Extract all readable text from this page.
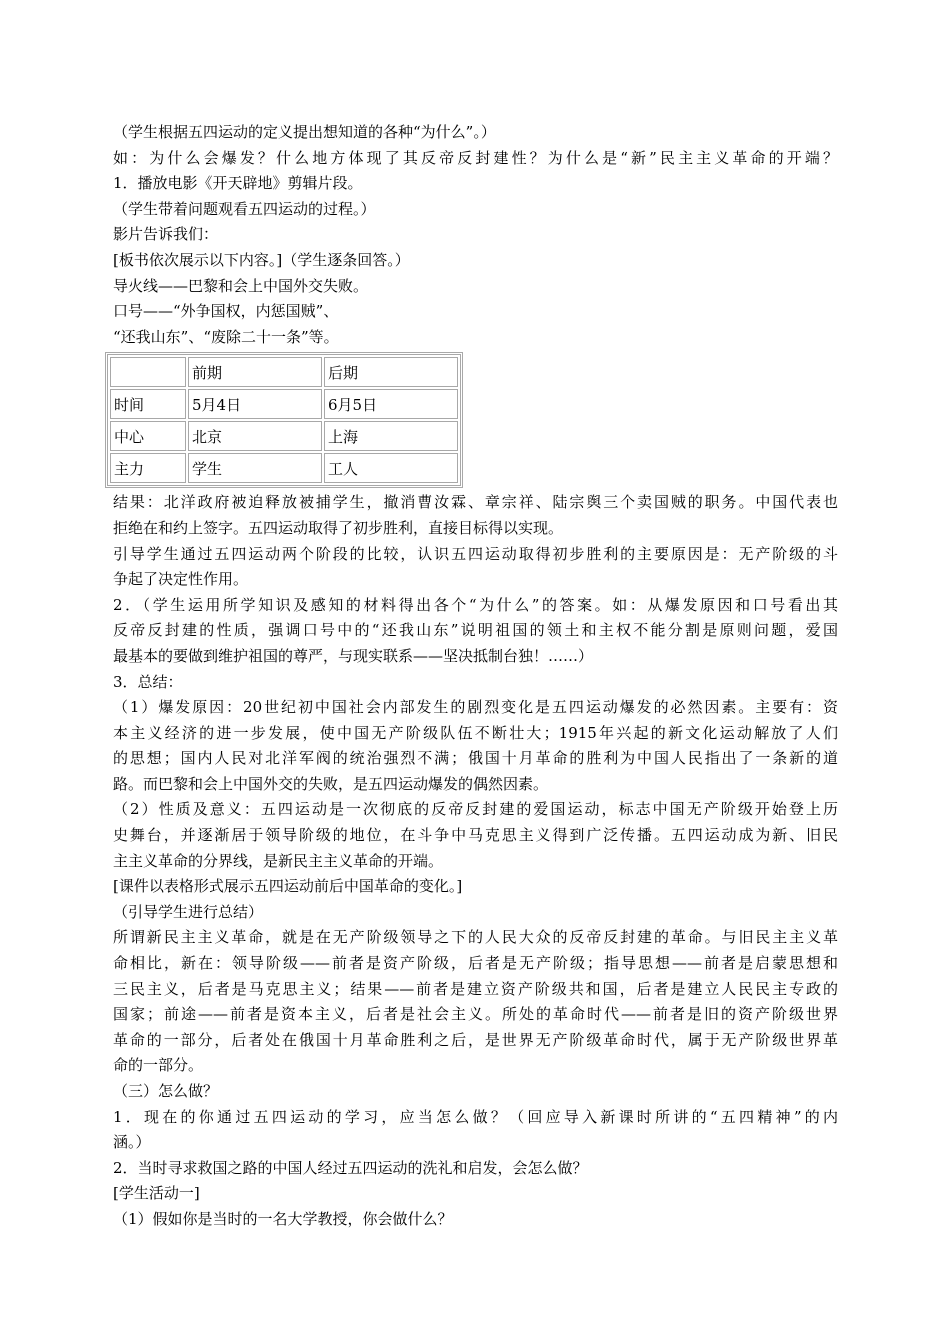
（学生根据五四运动的定义提出想知道的各种“为什么”。）
如：为什么会爆发？什么地方体现了其反帝反封建性？为什么是“新”民主主义革命的开端？
1．播放电影《开天辟地》剪辑片段。
（学生带着问题观看五四运动的过程。）
影片告诉我们：
[板书依次展示以下内容。]（学生逐条回答。）
导火线——巴黎和会上中国外交失败。
口号——“外争国权，内惩国贼”、
“还我山东”、“废除二十一条”等。
	前期	后期
时间	5月4日	6月5日
中心	北京	上海
主力	学生	工人
结果：北洋政府被迫释放被捕学生，撤消曹汝霖、章宗祥、陆宗舆三个卖国贼的职务。中国代表也
拒绝在和约上签字。五四运动取得了初步胜利，直接目标得以实现。
引导学生通过五四运动两个阶段的比较，认识五四运动取得初步胜利的主要原因是：无产阶级的斗
争起了决定性作用。
2．（学生运用所学知识及感知的材料得出各个“为什么”的答案。如：从爆发原因和口号看出其
反帝反封建的性质，强调口号中的“还我山东”说明祖国的领土和主权不能分割是原则问题，爱国
最基本的要做到维护祖国的尊严，与现实联系——坚决抵制台独！……）
3．总结：
（1）爆发原因：20世纪初中国社会内部发生的剧烈变化是五四运动爆发的必然因素。主要有：资
本主义经济的进一步发展，使中国无产阶级队伍不断壮大；1915年兴起的新文化运动解放了人们
的思想；国内人民对北洋军阀的统治强烈不满；俄国十月革命的胜利为中国人民指出了一条新的道
路。而巴黎和会上中国外交的失败，是五四运动爆发的偶然因素。
（2）性质及意义：五四运动是一次彻底的反帝反封建的爱国运动，标志中国无产阶级开始登上历
史舞台，并逐渐居于领导阶级的地位，在斗争中马克思主义得到广泛传播。五四运动成为新、旧民
主主义革命的分界线，是新民主主义革命的开端。
[课件以表格形式展示五四运动前后中国革命的变化。]
（引导学生进行总结）
所谓新民主主义革命，就是在无产阶级领导之下的人民大众的反帝反封建的革命。与旧民主主义革
命相比，新在：领导阶级——前者是资产阶级，后者是无产阶级；指导思想——前者是启蒙思想和
三民主义，后者是马克思主义；结果——前者是建立资产阶级共和国，后者是建立人民民主专政的
国家；前途——前者是资本主义，后者是社会主义。所处的革命时代——前者是旧的资产阶级世界
革命的一部分，后者处在俄国十月革命胜利之后，是世界无产阶级革命时代，属于无产阶级世界革
命的一部分。
（三）怎么做？
1．现在的你通过五四运动的学习，应当怎么做？（回应导入新课时所讲的“五四精神”的内
涵。）
2．当时寻求救国之路的中国人经过五四运动的洗礼和启发，会怎么做？
[学生活动一]
（1）假如你是当时的一名大学教授，你会做什么？
